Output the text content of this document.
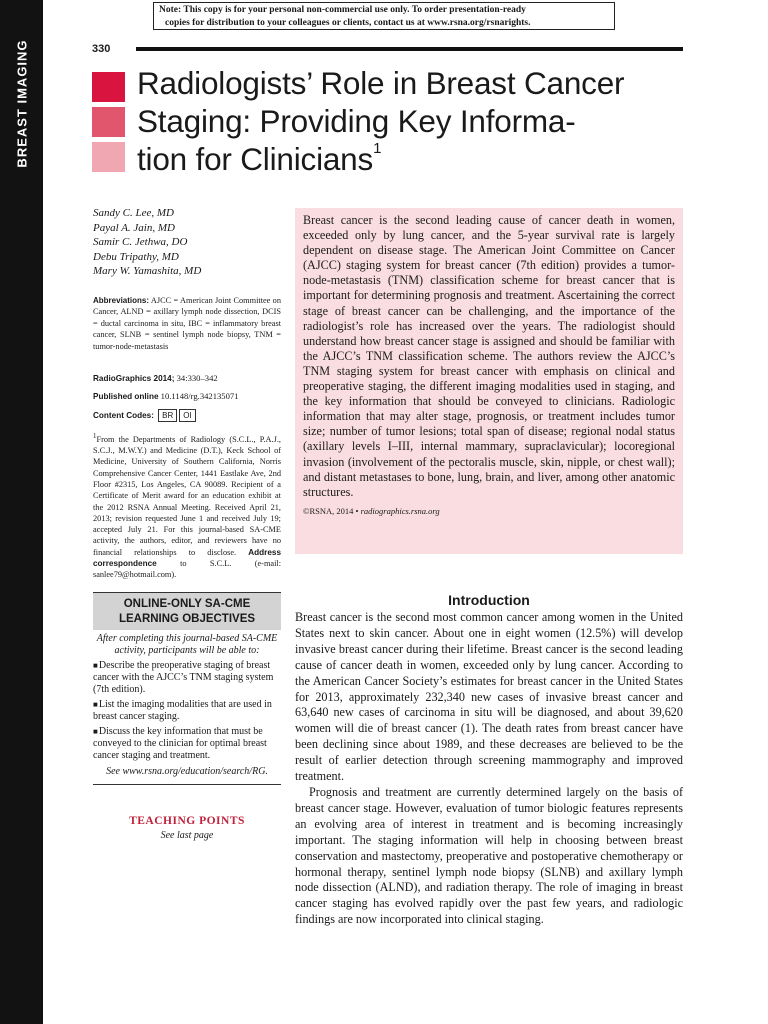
BREAST IMAGING
Note: This copy is for your personal non-commercial use only. To order presentation-ready
copies for distribution to your colleagues or clients, contact us at www.rsna.org/rsnarights.
330
Radiologists’ Role in Breast Cancer
Staging: Providing Key Informa-
tion for Clinicians$^1$
Sandy C. Lee, MD
Payal A. Jain, MD
Samir C. Jethwa, DO
Debu Tripathy, MD
Mary W. Yamashita, MD
Abbreviations: AJCC = American Joint Committee on Cancer, ALND = axillary lymph node dissection, DCIS = ductal carcinoma in situ, IBC = inflammatory breast cancer, SLNB = sentinel lymph node biopsy, TNM = tumor-node-metastasis
RadioGraphics 2014; 34:330–342
Published online 10.1148/rg.342135071
Content Codes: BR OI
$^1$From the Departments of Radiology (S.C.L., P.A.J., S.C.J., M.W.Y.) and Medicine (D.T.), Keck School of Medicine, University of Southern California, Norris Comprehensive Cancer Center, 1441 Eastlake Ave, 2nd Floor #2315, Los Angeles, CA 90089. Recipient of a Certificate of Merit award for an education exhibit at the 2012 RSNA Annual Meeting. Received April 21, 2013; revision requested June 1 and received July 19; accepted July 21. For this journal-based SA-CME activity, the authors, editor, and reviewers have no financial relationships to disclose. Address correspondence	to S.C.L. (e-mail: sanlee79@hotmail.com).
Breast cancer is the second leading cause of cancer death in women, exceeded only by lung cancer, and the 5-year survival rate is largely dependent on disease stage. The American Joint Committee on Cancer (AJCC) staging system for breast cancer (7th edition) provides a tumor-node-metastasis (TNM) classification scheme for breast cancer that is important for determining prognosis and treatment. Ascertaining the correct stage of breast cancer can be challenging, and the importance of the radiologist’s role has increased over the years. The radiologist should understand how breast cancer stage is assigned and should be familiar with the AJCC’s TNM classification scheme. The authors review the AJCC’s TNM staging system for breast cancer with emphasis on clinical and preoperative staging, the different imaging modalities used in staging, and the key information that should be conveyed to clinicians. Radiologic information that may alter stage, prognosis, or treatment includes tumor size; number of tumor lesions; total span of disease; regional nodal status (axillary levels I–III, internal mammary, supraclavicular); locoregional invasion (involvement of the pectoralis muscle, skin, nipple, or chest wall); and distant metastases to bone, lung, brain, and liver, among other anatomic structures.
©RSNA, 2014 • radiographics.rsna.org
ONLINE-ONLY SA-CME
LEARNING OBJECTIVES
After completing this journal-based SA-CME activity, participants will be able to:
■Describe the preoperative staging of breast cancer with the AJCC’s TNM staging system (7th edition).
■List the imaging modalities that are used in breast cancer staging.
■Discuss the key information that must be conveyed to the clinician for optimal breast cancer staging and treatment.
See www.rsna.org/education/search/RG.
TEACHING POINTS
See last page
Introduction

Breast cancer is the second most common cancer among women in the United States next to skin cancer. About one in eight women (12.5%) will develop invasive breast cancer during their lifetime. Breast cancer is the second leading cause of cancer death in women, exceeded only by lung cancer. According to the American Cancer Society’s estimates for breast cancer in the United States for 2013, approximately 232,340 new cases of invasive breast cancer and 63,640 new cases of carcinoma in situ will be diagnosed, and about 39,620 women will die of breast cancer (1). The death rates from breast cancer have been declining since about 1989, and these decreases are believed to be the result of earlier detection through screening mammography and improved treatment.

Prognosis and treatment are currently determined largely on the basis of breast cancer stage. However, evaluation of tumor biologic features represents an evolving area of interest in treatment and is becoming increasingly important. The staging information will help in choosing between breast conservation and mastectomy, preoperative and postoperative chemotherapy or hormonal therapy, sentinel lymph node biopsy (SLNB) and axillary lymph node dissection (ALND), and radiation therapy. The role of imaging in breast cancer staging has evolved rapidly over the past few years, and radiologic findings are now incorporated into clinical staging.
